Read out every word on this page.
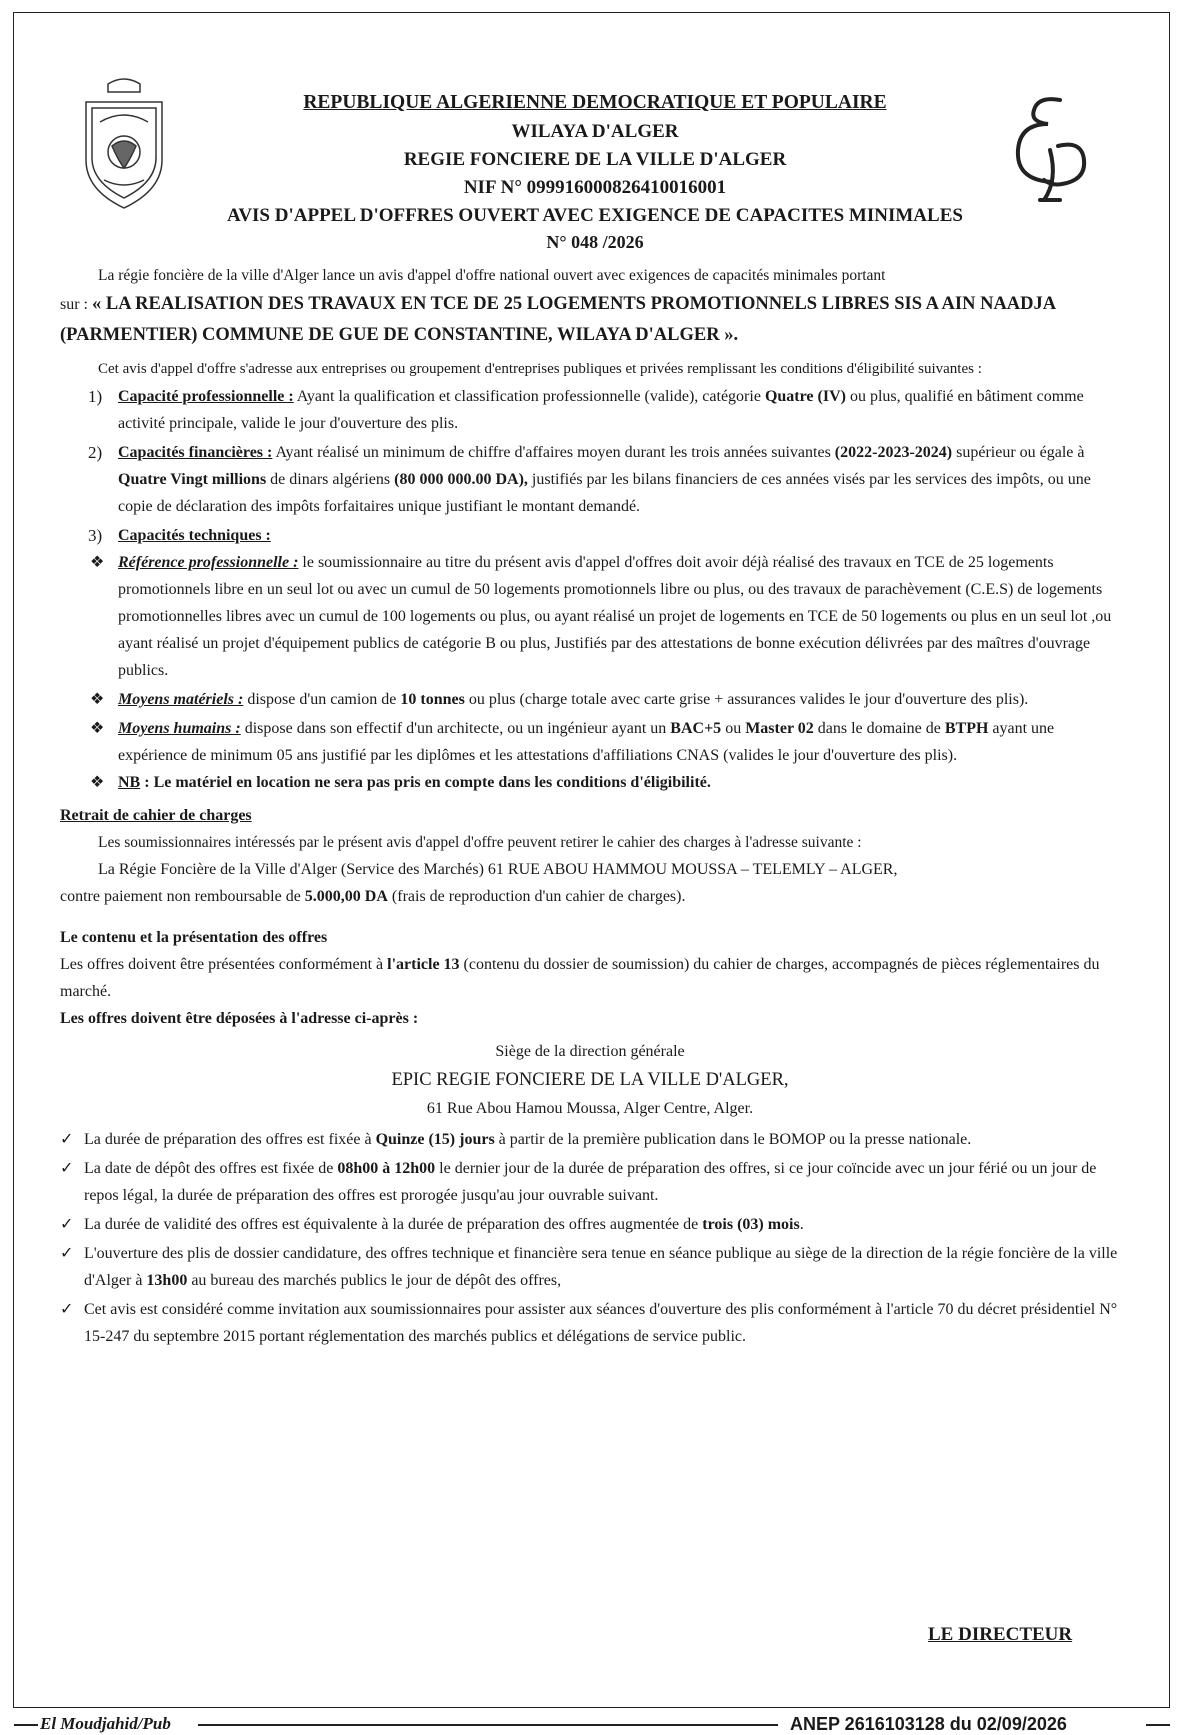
REPUBLIQUE ALGERIENNE DEMOCRATIQUE ET POPULAIRE
WILAYA D'ALGER
REGIE FONCIERE DE LA VILLE D'ALGER
NIF N° 099916000826410016001
AVIS D'APPEL D'OFFRES OUVERT AVEC EXIGENCE DE CAPACITES MINIMALES
N° 048 /2026

La régie foncière de la ville d'Alger lance un avis d'appel d'offre national ouvert avec exigences de capacités minimales portant

sur : « LA REALISATION DES TRAVAUX EN TCE DE 25 LOGEMENTS PROMOTIONNELS LIBRES SIS A AIN NAADJA (PARMENTIER) COMMUNE DE GUE DE CONSTANTINE, WILAYA D'ALGER ».

Cet avis d'appel d'offre s'adresse aux entreprises ou groupement d'entreprises publiques et privées remplissant les conditions d'éligibilité suivantes :

1) Capacité professionnelle : Ayant la qualification et classification professionnelle (valide), catégorie Quatre (IV) ou plus, qualifié en bâtiment comme activité principale, valide le jour d'ouverture des plis.
2) Capacités financières : Ayant réalisé un minimum de chiffre d'affaires moyen durant les trois années suivantes (2022-2023-2024) supérieur ou égale à Quatre Vingt millions de dinars algériens (80 000 000.00 DA), justifiés par les bilans financiers de ces années visés par les services des impôts, ou une copie de déclaration des impôts forfaitaires unique justifiant le montant demandé.
3) Capacités techniques :
❖ Référence professionnelle : le soumissionnaire au titre du présent avis d'appel d'offres doit avoir déjà réalisé des travaux en TCE de 25 logements promotionnels libre en un seul lot ou avec un cumul de 50 logements promotionnels libre ou plus, ou des travaux de parachèvement (C.E.S) de logements promotionnelles libres avec un cumul de 100 logements ou plus, ou ayant réalisé un projet de logements en TCE de 50 logements ou plus en un seul lot ,ou ayant réalisé un projet d'équipement publics de catégorie B ou plus, Justifiés par des attestations de bonne exécution délivrées par des maîtres d'ouvrage publics.
❖ Moyens matériels : dispose d'un camion de 10 tonnes ou plus (charge totale avec carte grise + assurances valides le jour d'ouverture des plis).
❖ Moyens humains : dispose dans son effectif d'un architecte, ou un ingénieur ayant un BAC+5 ou Master 02 dans le domaine de BTPH ayant une expérience de minimum 05 ans justifié par les diplômes et les attestations d'affiliations CNAS (valides le jour d'ouverture des plis).
❖ NB : Le matériel en location ne sera pas pris en compte dans les conditions d'éligibilité.

Retrait de cahier de charges

Les soumissionnaires intéressés par le présent avis d'appel d'offre peuvent retirer le cahier des charges à l'adresse suivante :

La Régie Foncière de la Ville d'Alger (Service des Marchés) 61 RUE ABOU HAMMOU MOUSSA – TELEMLY – ALGER,

contre paiement non remboursable de 5.000,00 DA (frais de reproduction d'un cahier de charges).

Le contenu et la présentation des offres

Les offres doivent être présentées conformément à l'article 13 (contenu du dossier de soumission) du cahier de charges, accompagnés de pièces réglementaires du marché.

Les offres doivent être déposées à l'adresse ci-après :

Siège de la direction générale

EPIC REGIE FONCIERE DE LA VILLE D'ALGER,

61 Rue Abou Hamou Moussa, Alger Centre, Alger.

✓ La durée de préparation des offres est fixée à Quinze (15) jours à partir de la première publication dans le BOMOP ou la presse nationale.
✓ La date de dépôt des offres est fixée de 08h00 à 12h00 le dernier jour de la durée de préparation des offres, si ce jour coïncide avec un jour férié ou un jour de repos légal, la durée de préparation des offres est prorogée jusqu'au jour ouvrable suivant.
✓ La durée de validité des offres est équivalente à la durée de préparation des offres augmentée de trois (03) mois.
✓ L'ouverture des plis de dossier candidature, des offres technique et financière sera tenue en séance publique au siège de la direction de la régie foncière de la ville d'Alger à 13h00 au bureau des marchés publics le jour de dépôt des offres,
✓ Cet avis est considéré comme invitation aux soumissionnaires pour assister aux séances d'ouverture des plis conformément à l'article 70 du décret présidentiel N° 15-247 du septembre 2015 portant réglementation des marchés publics et délégations de service public.
LE DIRECTEUR
El Moudjahid/Pub	ANEP 2616103128 du 02/09/2026
